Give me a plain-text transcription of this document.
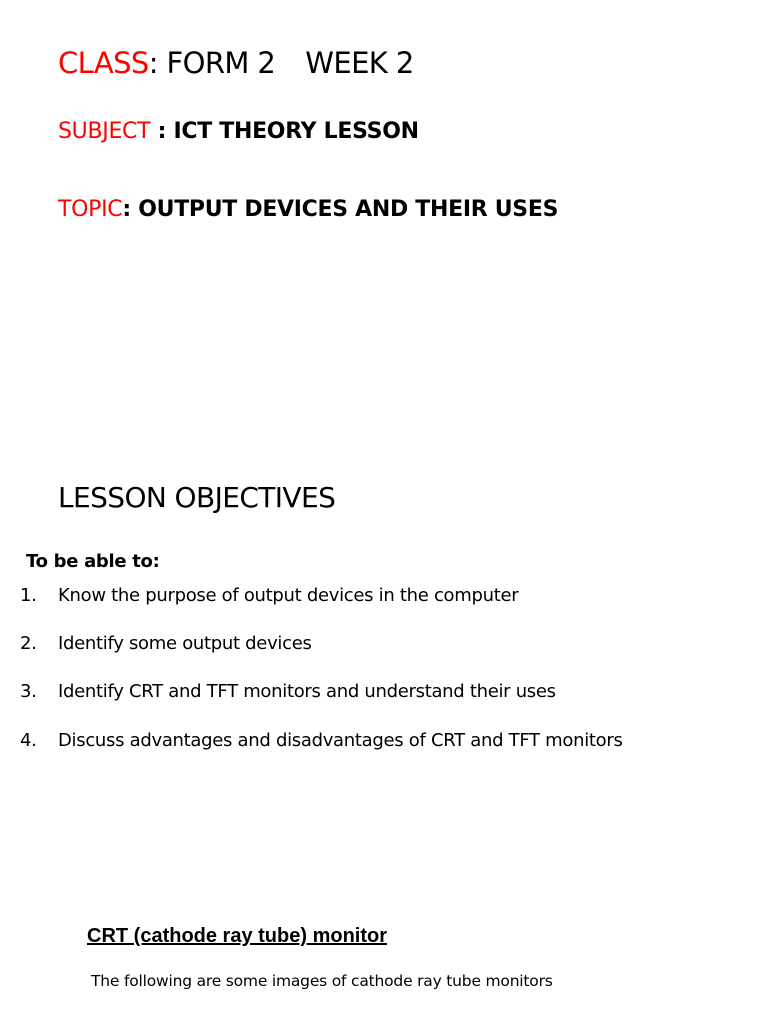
CLASS: FORM 2 WEEK 2
SUBJECT : ICT THEORY LESSON
TOPIC: OUTPUT DEVICES AND THEIR USES
LESSON OBJECTIVES
To be able to:
1. Know the purpose of output devices in the computer
2. Identify some output devices
3. Identify CRT and TFT monitors and understand their uses
4. Discuss advantages and disadvantages of CRT and TFT monitors
CRT (cathode ray tube) monitor
The following are some images of cathode ray tube monitors
